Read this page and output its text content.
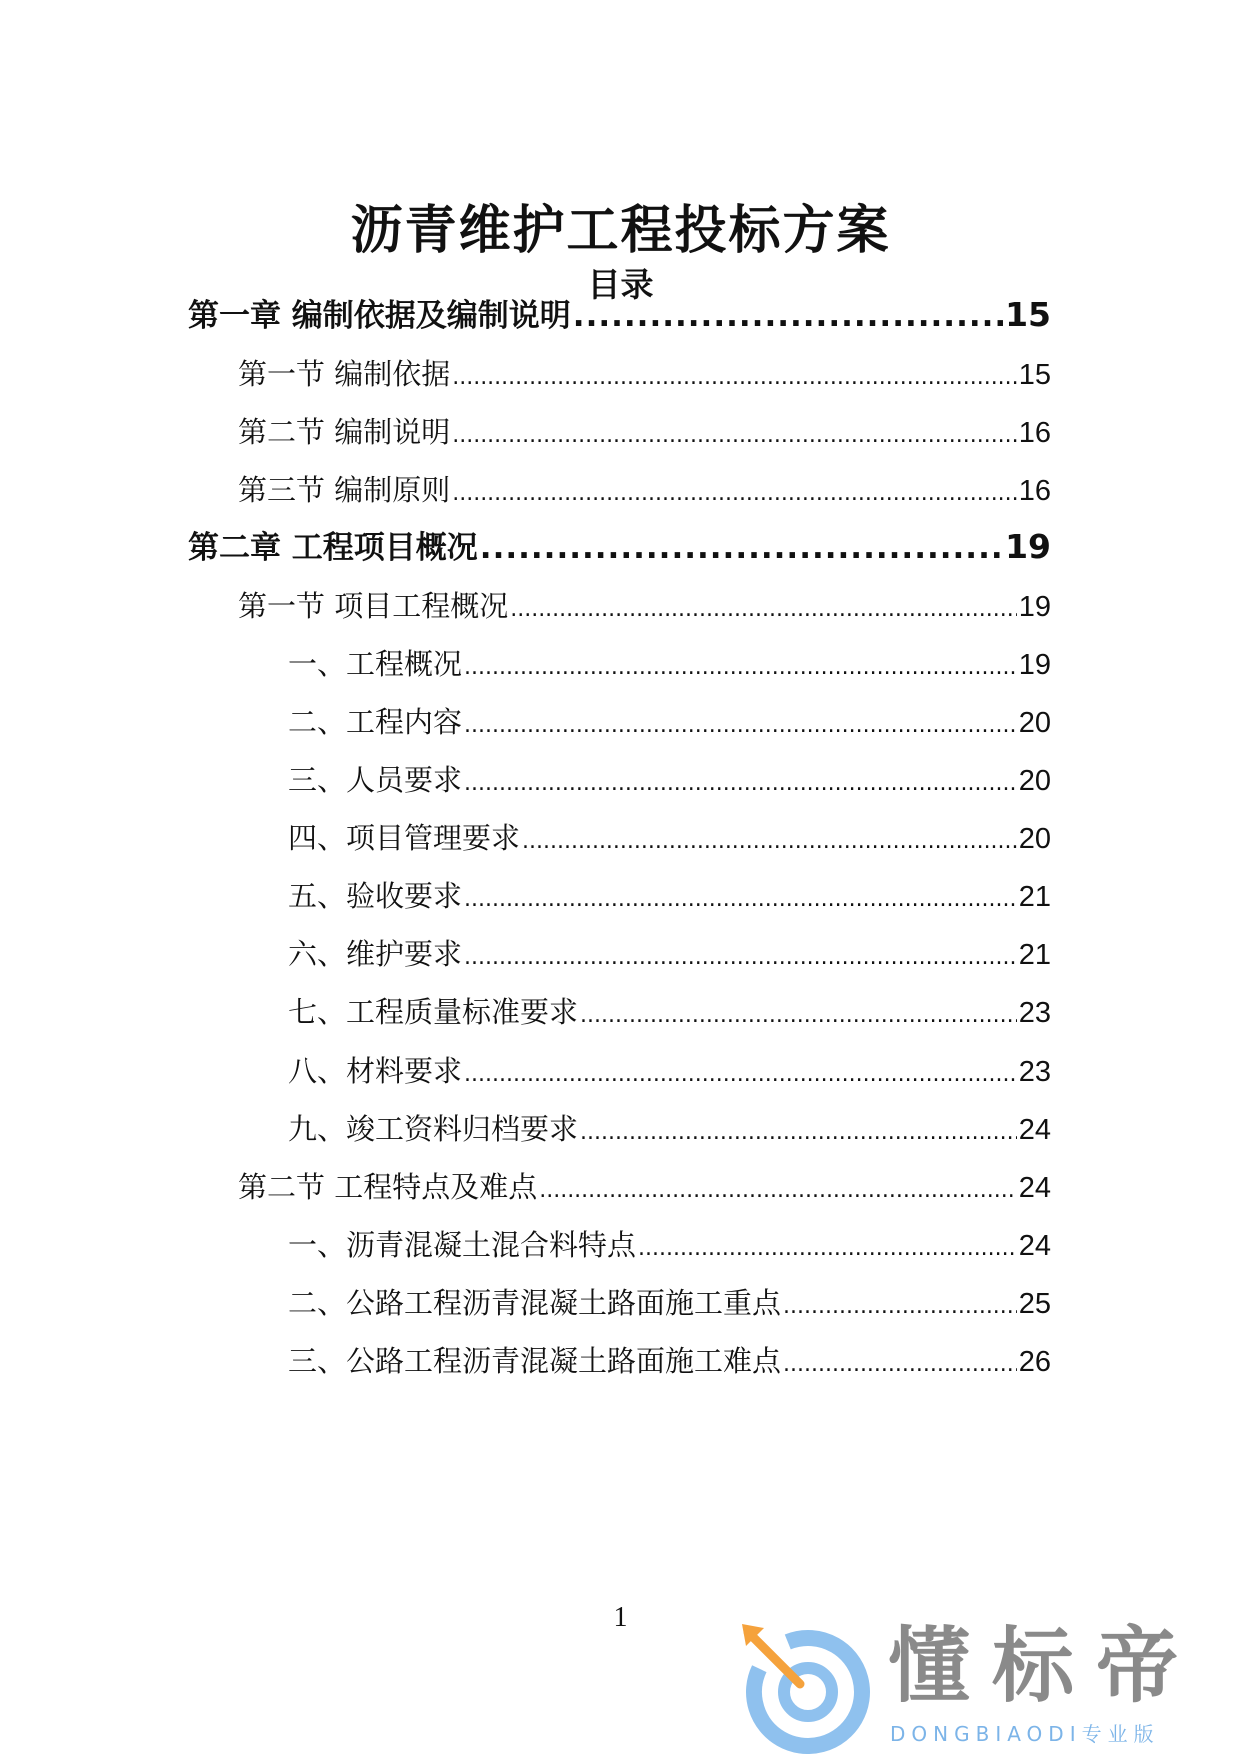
沥青维护工程投标方案
目录
第一章 编制依据及编制说明 .....	15
第一节 编制依据 .....	15
第二节 编制说明 .....	16
第三节 编制原则 .....	16
第二章 工程项目概况 .....	19
第一节 项目工程概况 .....	19
一、工程概况 .....	19
二、工程内容 .....	20
三、人员要求 .....	20
四、项目管理要求 .....	20
五、验收要求 .....	21
六、维护要求 .....	21
七、工程质量标准要求 .....	23
八、材料要求 .....	23
九、竣工资料归档要求 .....	24
第二节 工程特点及难点 .....	24
一、沥青混凝土混合料特点 .....	24
二、公路工程沥青混凝土路面施工重点 .....	25
三、公路工程沥青混凝土路面施工难点 .....	26
1
懂标帝
DONGBIAODI专业版
